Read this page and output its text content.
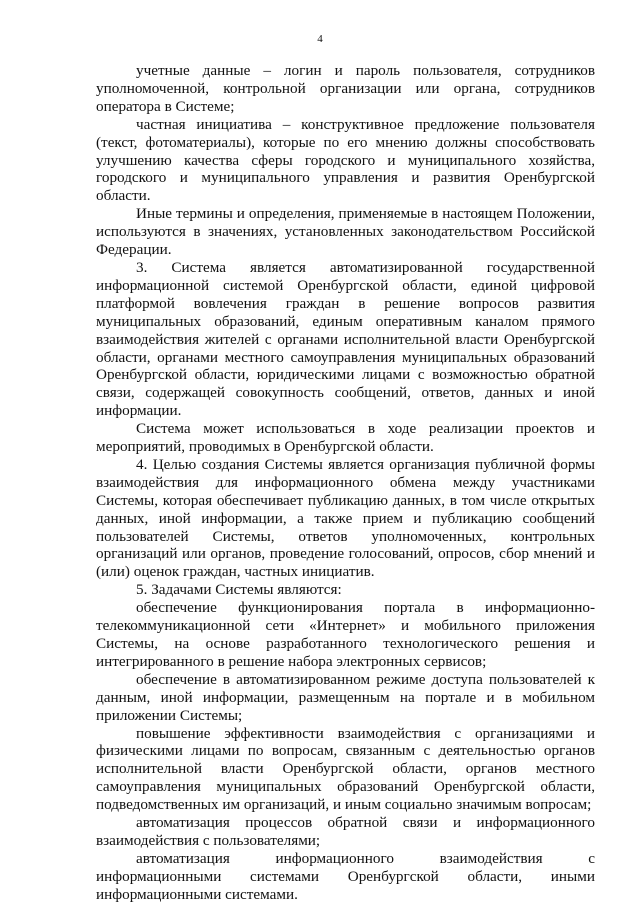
4

учетные данные – логин и пароль пользователя, сотрудников уполномоченной, контрольной организации или органа, сотрудников оператора в Системе;

частная инициатива – конструктивное предложение пользователя (текст, фотоматериалы), которые по его мнению должны способствовать улучшению качества сферы городского и муниципального хозяйства, городского и муниципального управления и развития Оренбургской области.

Иные термины и определения, применяемые в настоящем Положении, используются в значениях, установленных законодательством Российской Федерации.

3. Система является автоматизированной государственной информационной системой Оренбургской области, единой цифровой платформой вовлечения граждан в решение вопросов развития муниципальных образований, единым оперативным каналом прямого взаимодействия жителей с органами исполнительной власти Оренбургской области, органами местного самоуправления муниципальных образований Оренбургской области, юридическими лицами с возможностью обратной связи, содержащей совокупность сообщений, ответов, данных и иной информации.

Система может использоваться в ходе реализации проектов и мероприятий, проводимых в Оренбургской области.

4. Целью создания Системы является организация публичной формы взаимодействия для информационного обмена между участниками Системы, которая обеспечивает публикацию данных, в том числе открытых данных, иной информации, а также прием и публикацию сообщений пользователей Системы, ответов уполномоченных, контрольных организаций или органов, проведение голосований, опросов, сбор мнений и (или) оценок граждан, частных инициатив.

5. Задачами Системы являются:

обеспечение функционирования портала в информационно-телекоммуникационной сети «Интернет» и мобильного приложения Системы, на основе разработанного технологического решения и интегрированного в решение набора электронных сервисов;

обеспечение в автоматизированном режиме доступа пользователей к данным, иной информации, размещенным на портале и в мобильном приложении Системы;

повышение эффективности взаимодействия с организациями и физическими лицами по вопросам, связанным с деятельностью органов исполнительной власти Оренбургской области, органов местного самоуправления муниципальных образований Оренбургской области, подведомственных им организаций, и иным социально значимым вопросам;

автоматизация процессов обратной связи и информационного взаимодействия с пользователями;

автоматизация информационного взаимодействия с информационными системами Оренбургской области, иными информационными системами.
